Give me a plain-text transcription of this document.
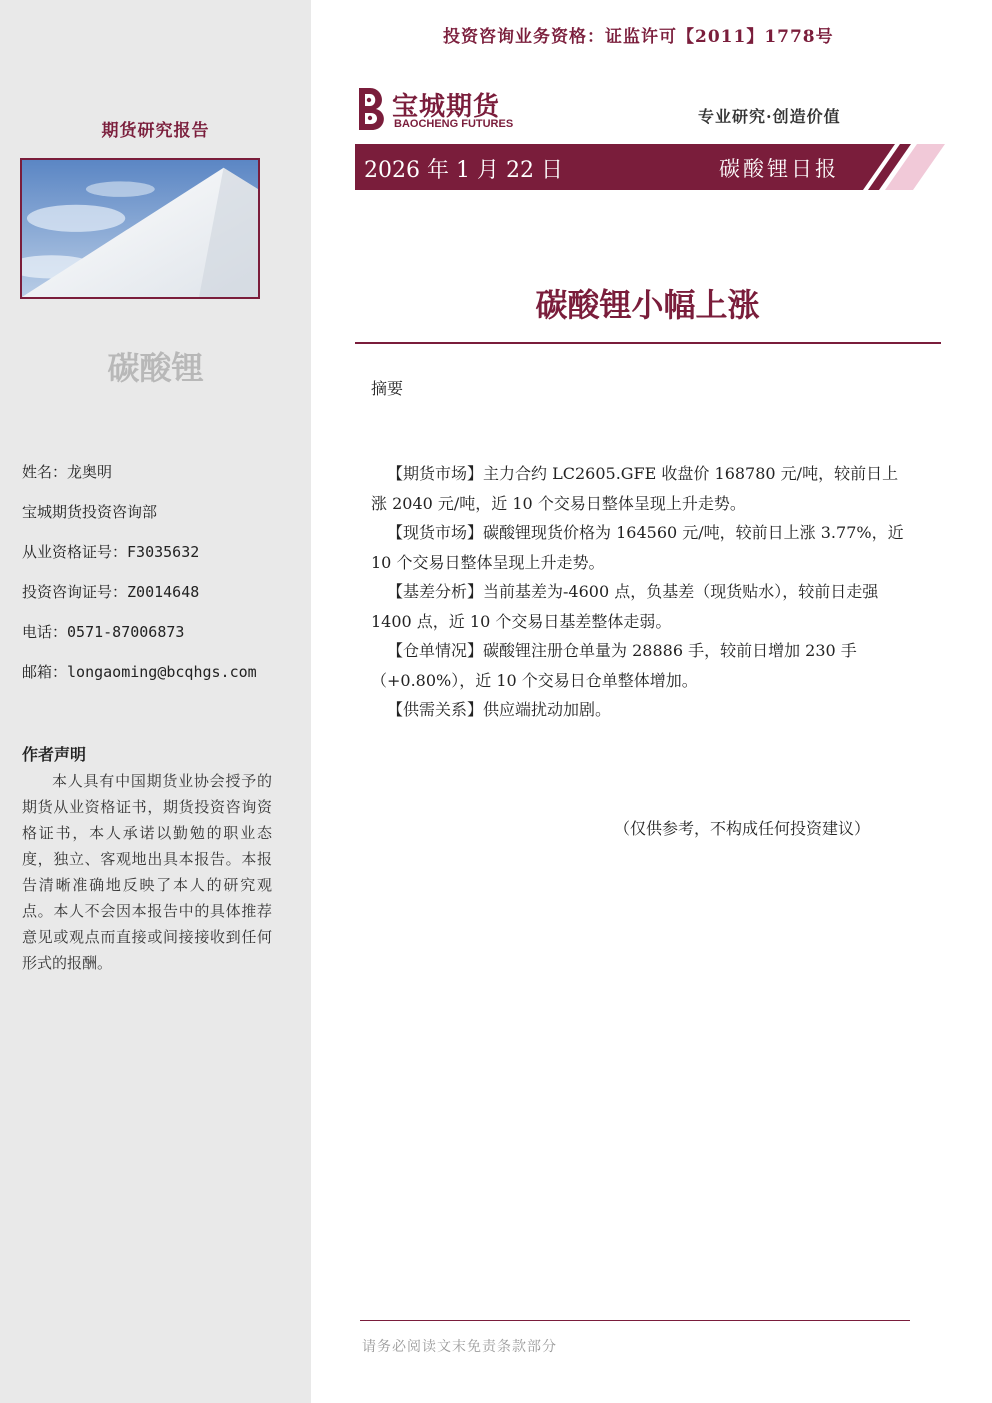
期货研究报告
碳酸锂
姓名：龙奥明
宝城期货投资咨询部
从业资格证号：F3035632
投资咨询证号：Z0014648
电话：0571-87006873
邮箱：longaoming@bcqhgs.com
作者声明
本人具有中国期货业协会授予的期货从业资格证书，期货投资咨询资格证书，本人承诺以勤勉的职业态度，独立、客观地出具本报告。本报告清晰准确地反映了本人的研究观点。本人不会因本报告中的具体推荐意见或观点而直接或间接接收到任何形式的报酬。
投资咨询业务资格：证监许可【2011】1778号
宝城期货
BAOCHENG FUTURES	专业研究·创造价值
2026 年 1 月 22 日	碳酸锂日报
碳酸锂小幅上涨
摘要
【期货市场】主力合约 LC2605.GFE 收盘价 168780 元/吨，较前日上涨 2040 元/吨，近 10 个交易日整体呈现上升走势。
【现货市场】碳酸锂现货价格为 164560 元/吨，较前日上涨 3.77%，近 10 个交易日整体呈现上升走势。
【基差分析】当前基差为-4600 点，负基差（现货贴水），较前日走强 1400 点，近 10 个交易日基差整体走弱。
【仓单情况】碳酸锂注册仓单量为 28886 手，较前日增加 230 手（+0.80%），近 10 个交易日仓单整体增加。
【供需关系】供应端扰动加剧。
（仅供参考，不构成任何投资建议）
请务必阅读文末免责条款部分
